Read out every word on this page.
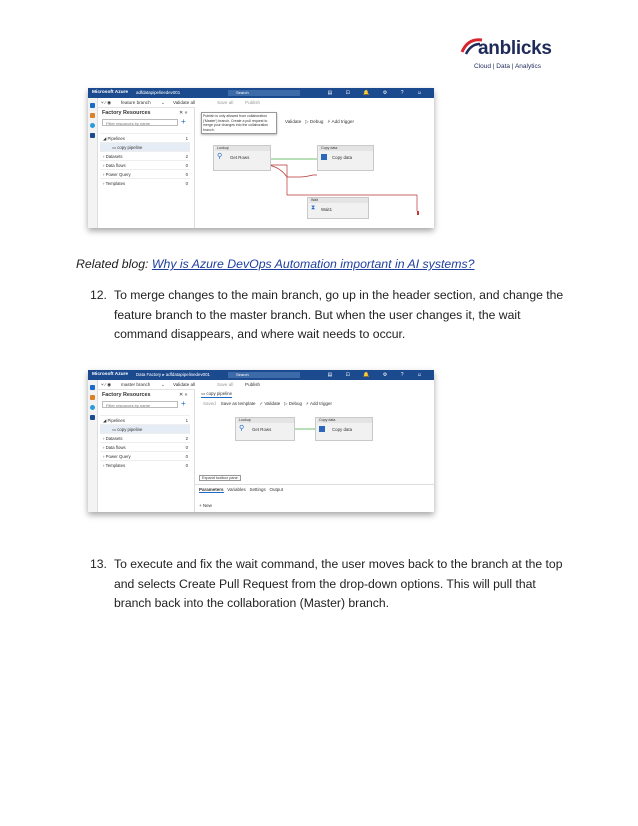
anblicks
Cloud | Data | Analytics
Microsoft Azure adfdatapipelinedev001	Search	▤ ⊡ 🔔 ⚙ ? ☺
⑂ ⁄ ◉ feature branch ⌄ Validate all	Save all	Publish
Factory Resources	✕ «
Filter resources by name	+
◢ Pipelines	1
▭ copy pipeline
› Datasets	2
› Data flows	0
› Power Query	0
› Templates	0
Validate   ▷ Debug   ⚡ Add trigger
Lookup
⚲ Get Rows
Copy data
Copy data
Wait
⧗	Wait1
Publish is only allowed from collaboration ('Master') branch. Create a pull request to merge your changes into the collaboration branch.
Related blog: Why is Azure DevOps Automation important in AI systems?
12. To merge changes to the main branch, go up in the header section, and change the feature branch to the master branch. But when the user changes it, the wait command disappears, and where wait needs to occur.
Microsoft Azure Data Factory ▸ adfdatapipelinedev001	Search	▤ ⊡ 🔔 ⚙ ? ☺
⑂ ⁄ ◉ master branch ⌄ Validate all	Save all	Publish
Factory Resources	✕ «
Filter resources by name	+
◢ Pipelines	1
▭ copy pipeline
› Datasets	2
› Data flows	0
› Power Query	0
› Templates	0
▭ copy pipeline
Saved Save as template   ✓ Validate   ▷ Debug   ⚡ Add trigger
Lookup
⚲ Get Rows
Copy data
Copy data
Expand toolbox pane
Parameters Variables Settings Output
+ New
13. To execute and fix the wait command, the user moves back to the branch at the top and selects Create Pull Request from the drop-down options. This will pull that branch back into the collaboration (Master) branch.
